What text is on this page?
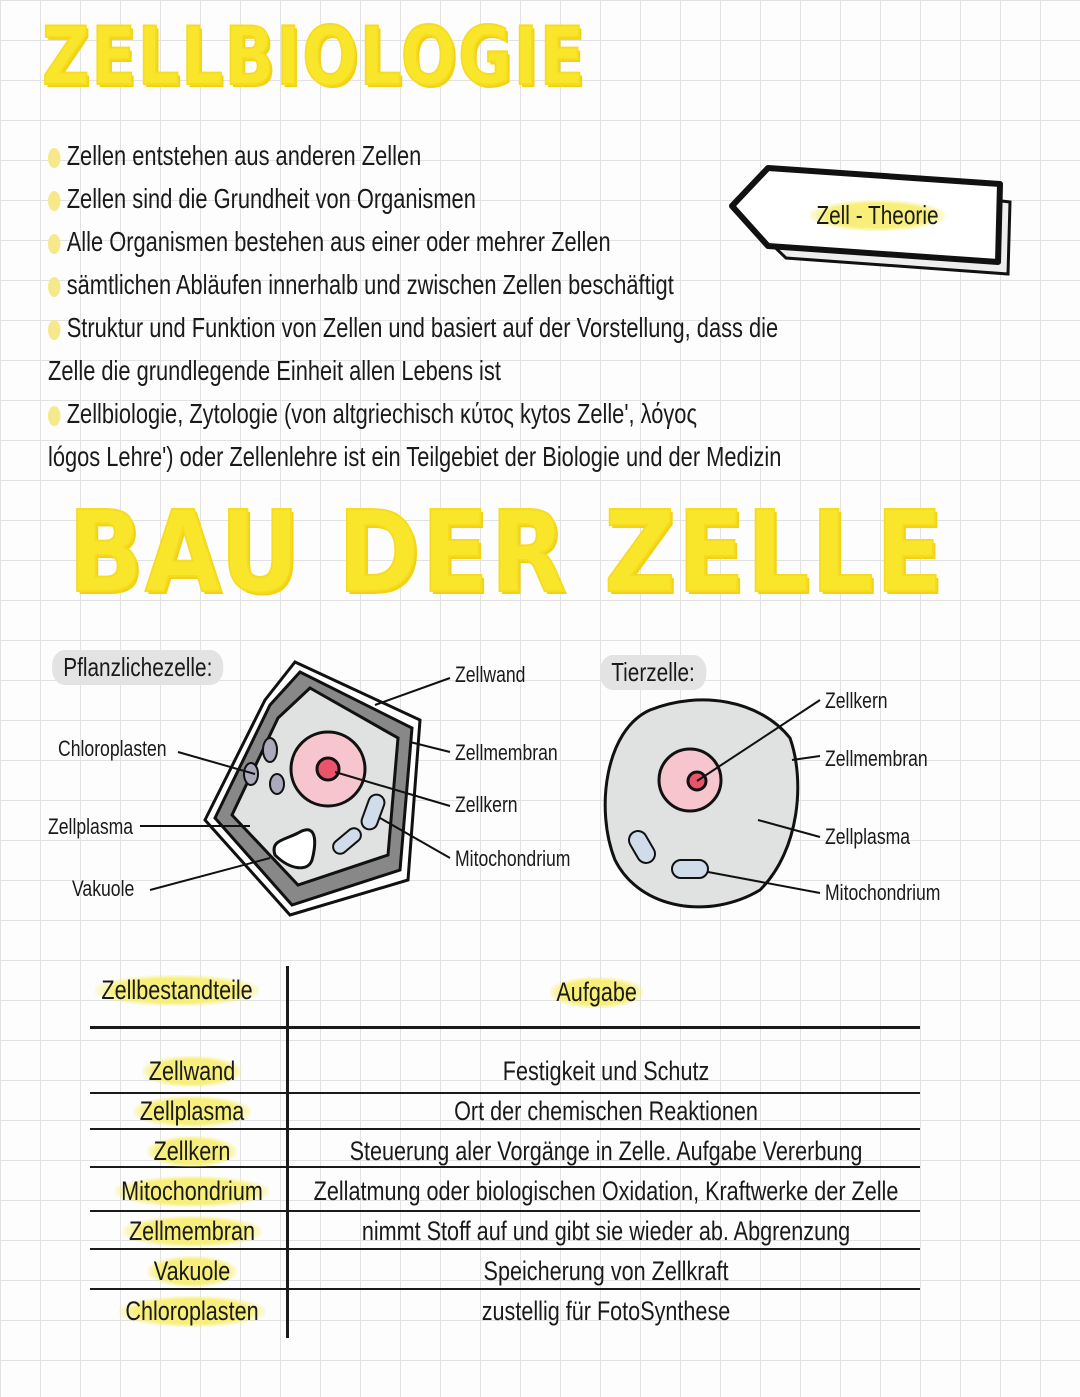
ZELLBIOLOGIE
Zellen entstehen aus anderen Zellen
Zellen sind die Grundheit von Organismen
Alle Organismen bestehen aus einer oder mehrer Zellen
sämtlichen Abläufen innerhalb und zwischen Zellen beschäftigt
Struktur und Funktion von Zellen und basiert auf der Vorstellung, dass die
Zelle die grundlegende Einheit allen Lebens ist
Zellbiologie, Zytologie (von altgriechisch κύτος kytos Zelle', λόγος
lógos Lehre') oder Zellenlehre ist ein Teilgebiet der Biologie und der Medizin
Zell - Theorie
BAU DER ZELLE
Pflanzlichezelle:	Tierzelle:
Zellwand
Chloroplasten	Zellmembran
Zellkern
Zellplasma
Mitochondrium
Vakuole
Zellkern
Zellmembran
Zellplasma
Mitochondrium
Zellbestandteile	Aufgabe
Zellwand	Festigkeit und Schutz
Zellplasma	Ort der chemischen Reaktionen
Zellkern	Steuerung aler Vorgänge in Zelle. Aufgabe Vererbung
Mitochondrium Zellatmung oder biologischen Oxidation, Kraftwerke der Zelle
Zellmembran	nimmt Stoff auf und gibt sie wieder ab. Abgrenzung
Vakuole	Speicherung von Zellkraft
Chloroplasten	zustellig für FotoSynthese
